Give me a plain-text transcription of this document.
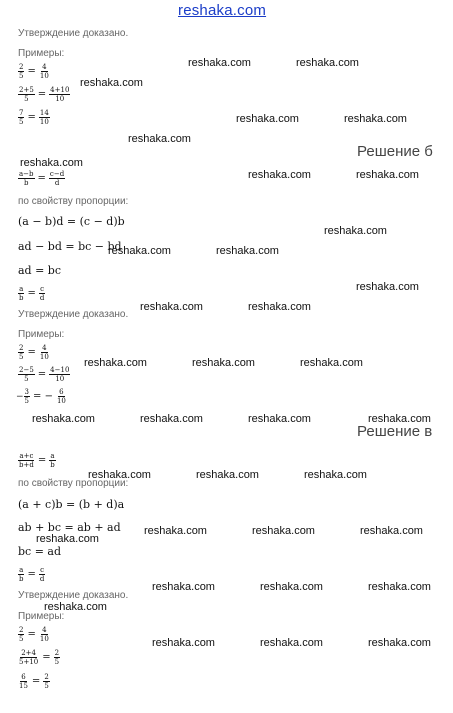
reshaka.com
Утверждение доказано.
Примеры:
$\frac{2}{5} = \frac{4}{10}$
$\frac{2+5}{5} = \frac{4+10}{10}$
$\frac{7}{5} = \frac{14}{10}$
Решение б
$\frac{a-b}{b} = \frac{c-d}{d}$
по свойству пропорции:
(a − b)d = (c − d)b
ad − bd = bc − bd
ad = bc
$\frac{a}{b} = \frac{c}{d}$
Утверждение доказано.
Примеры:
$\frac{2}{5} = \frac{4}{10}$
$\frac{2-5}{5} = \frac{4-10}{10}$
− $\frac{3}{5}$ = − $\frac{6}{10}$
Решение в
$\frac{a+c}{b+d} = \frac{a}{b}$
по свойству пропорции:
(a + c)b = (b + d)a
ab + bc = ab + ad
bc = ad
$\frac{a}{b} = \frac{c}{d}$
Утверждение доказано.
Примеры:
$\frac{2}{5} = \frac{4}{10}$
$\frac{2+4}{5+10} = \frac{2}{5}$
$\frac{6}{15} = \frac{2}{5}$
reshaka.com	reshaka.com
reshaka.com
reshaka.com	reshaka.com
reshaka.com
reshaka.com
reshaka.com	reshaka.com
reshaka.com
reshaka.com	reshaka.com
reshaka.com
reshaka.com	reshaka.com
reshaka.com	reshaka.com	reshaka.com
reshaka.com	reshaka.com	reshaka.com	reshaka.com
reshaka.com	reshaka.com	reshaka.com
reshaka.com	reshaka.com	reshaka.com
reshaka.com
reshaka.com	reshaka.com	reshaka.com
reshaka.com
reshaka.com	reshaka.com	reshaka.com
